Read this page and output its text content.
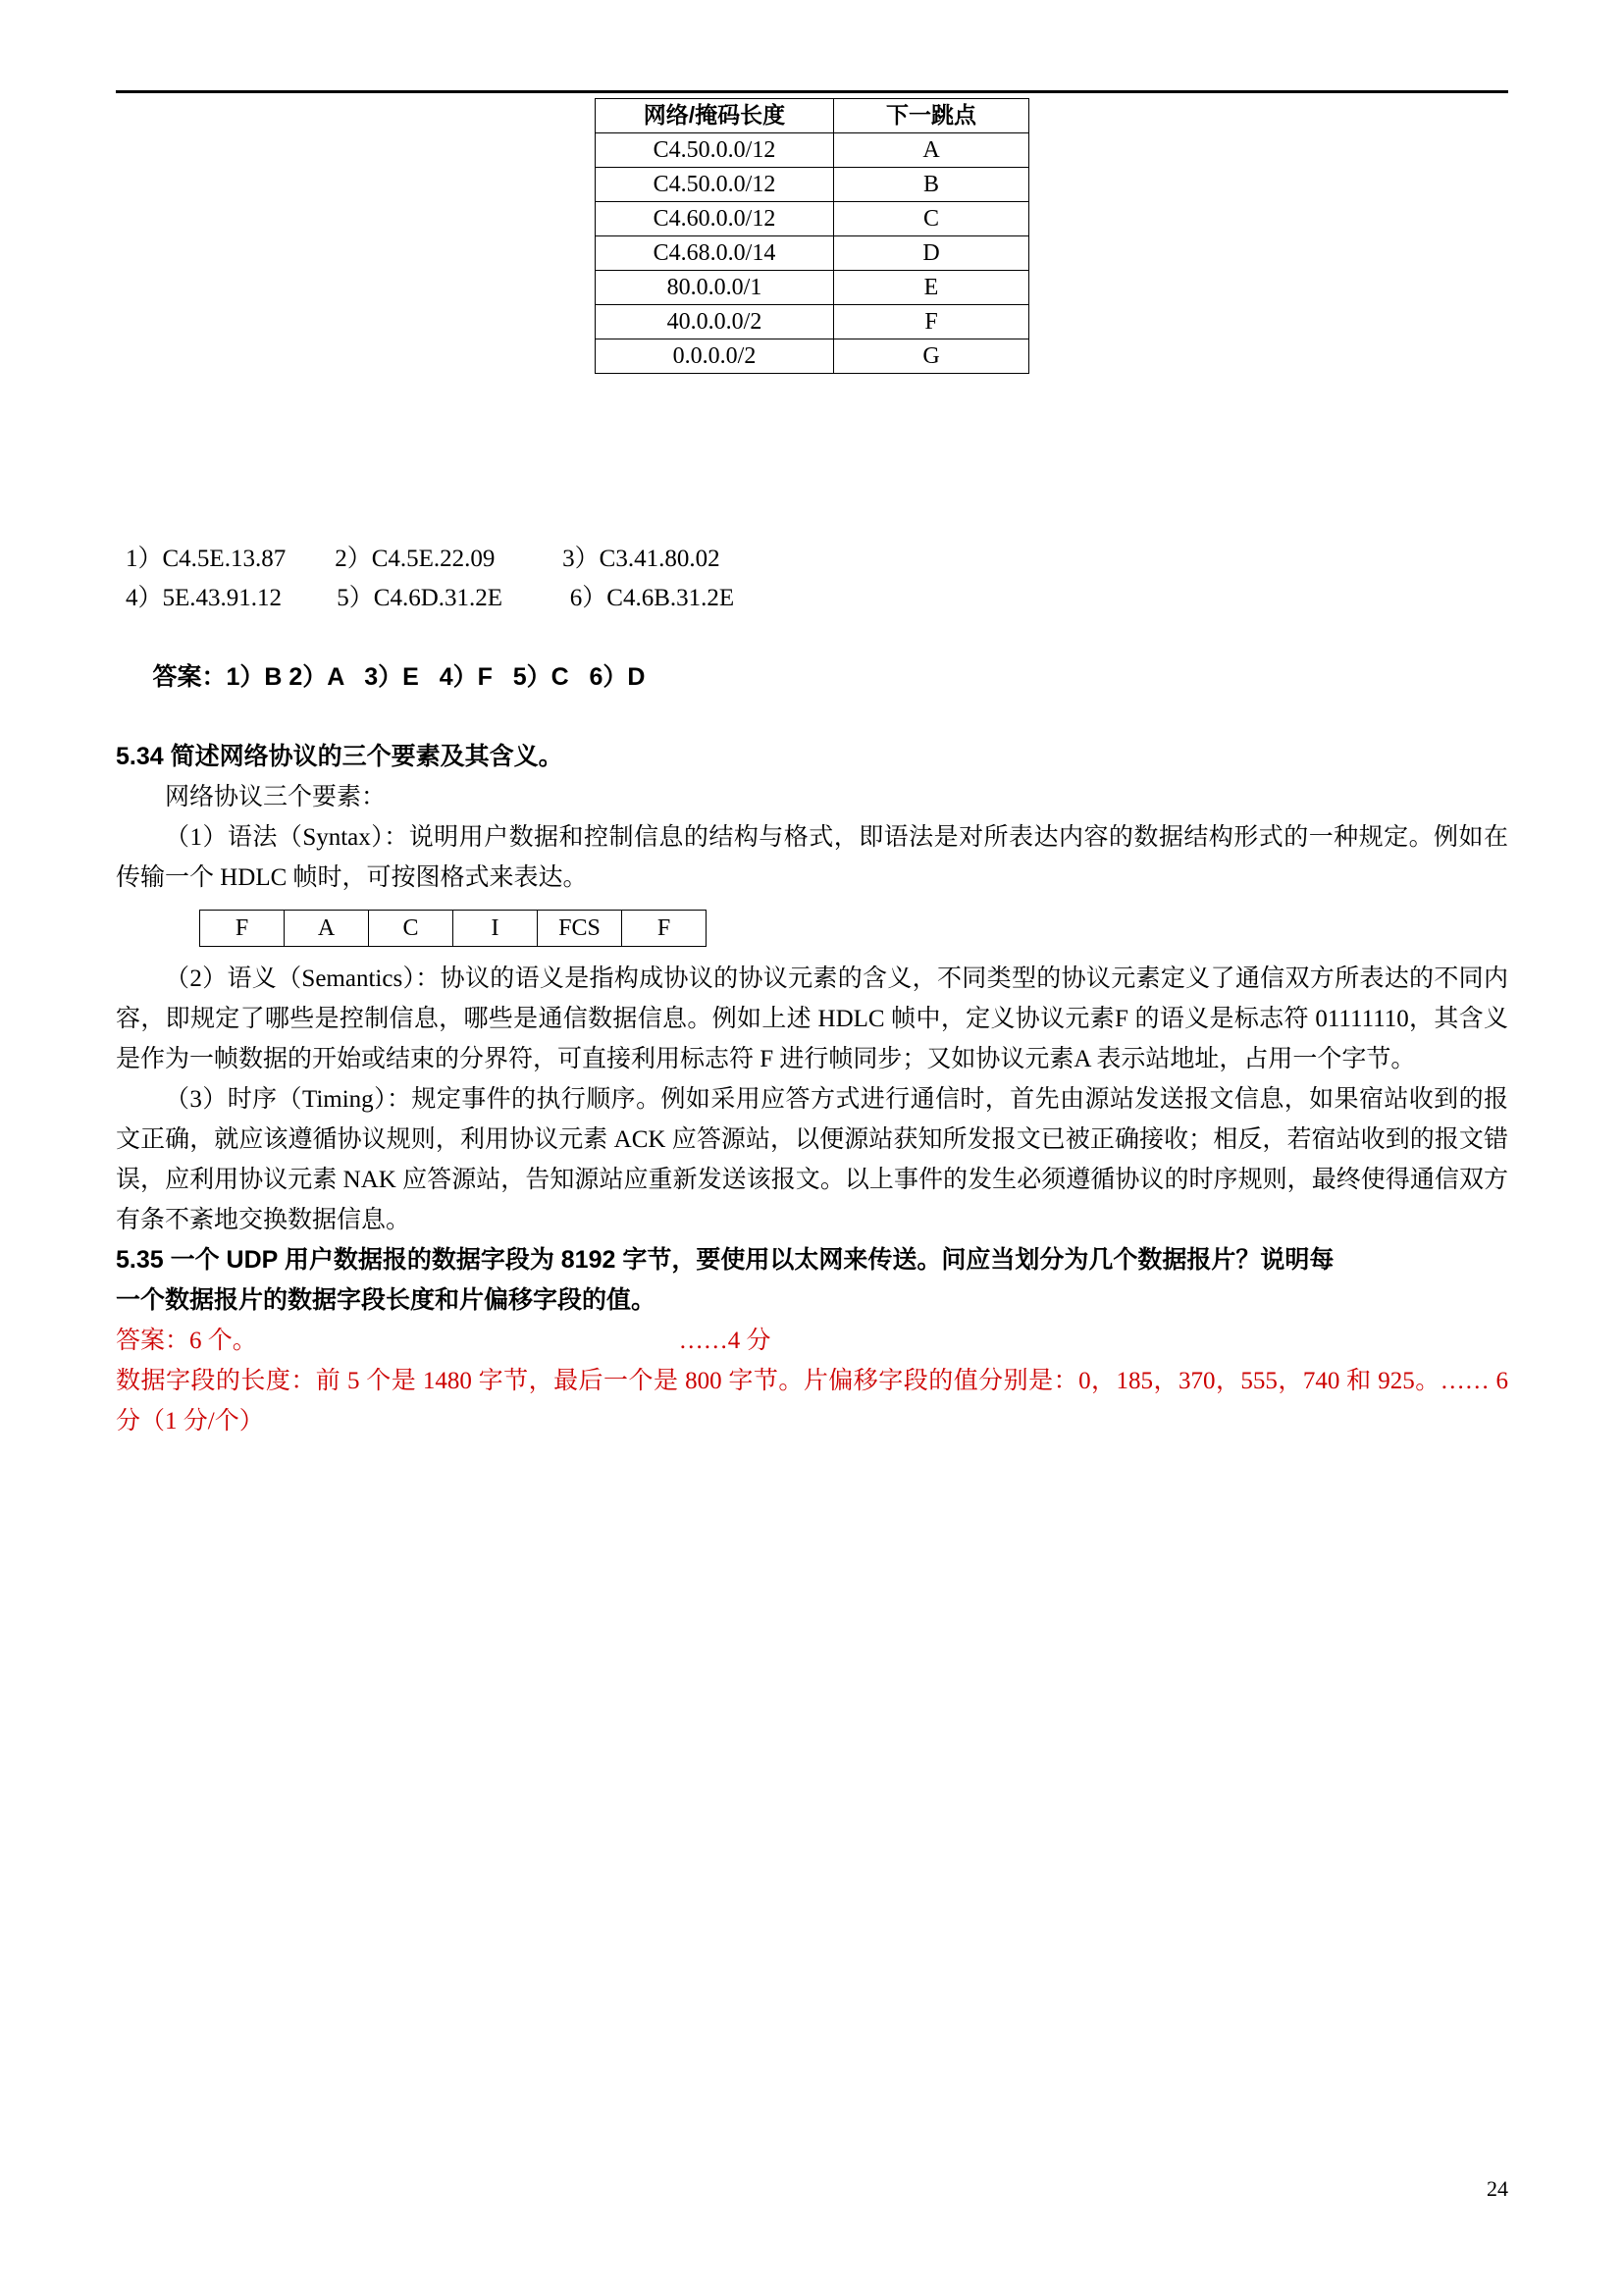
网络/掩码长度	下一跳点
C4.50.0.0/12	A
C4.50.0.0/12	B
C4.60.0.0/12	C
C4.68.0.0/14	D
80.0.0.0/1	E
40.0.0.0/2	F
0.0.0.0/2	G
1）C4.5E.13.87        2）C4.5E.22.09           3）C3.41.80.02
4）5E.43.91.12         5）C4.6D.31.2E           6）C4.6B.31.2E

答案：1）B 2）A   3）E   4）F   5）C   6）D

5.34 简述网络协议的三个要素及其含义。

网络协议三个要素：

（1）语法（Syntax）：说明用户数据和控制信息的结构与格式，即语法是对所表达内容的数据结构形式的一种规定。例如在传输一个 HDLC 帧时，可按图格式来表达。

F	A	C	I	FCS	F

（2）语义（Semantics）：协议的语义是指构成协议的协议元素的含义，不同类型的协议元素定义了通信双方所表达的不同内容，即规定了哪些是控制信息，哪些是通信数据信息。例如上述 HDLC 帧中，定义协议元素F 的语义是标志符 01111110，其含义是作为一帧数据的开始或结束的分界符，可直接利用标志符 F 进行帧同步；又如协议元素A 表示站地址，占用一个字节。

（3）时序（Timing）：规定事件的执行顺序。例如采用应答方式进行通信时，首先由源站发送报文信息，如果宿站收到的报文正确，就应该遵循协议规则，利用协议元素 ACK 应答源站，以便源站获知所发报文已被正确接收；相反，若宿站收到的报文错误，应利用协议元素 NAK 应答源站，告知源站应重新发送该报文。以上事件的发生必须遵循协议的时序规则，最终使得通信双方有条不紊地交换数据信息。

5.35 一个 UDP 用户数据报的数据字段为 8192 字节，要使用以太网来传送。问应当划分为几个数据报片？说明每
一个数据报片的数据字段长度和片偏移字段的值。
答案：6 个。	……4 分

数据字段的长度：前 5 个是 1480 字节，最后一个是 800 字节。片偏移字段的值分别是：0，185，370，555，740 和 925。…… 6 分（1 分/个）

24
